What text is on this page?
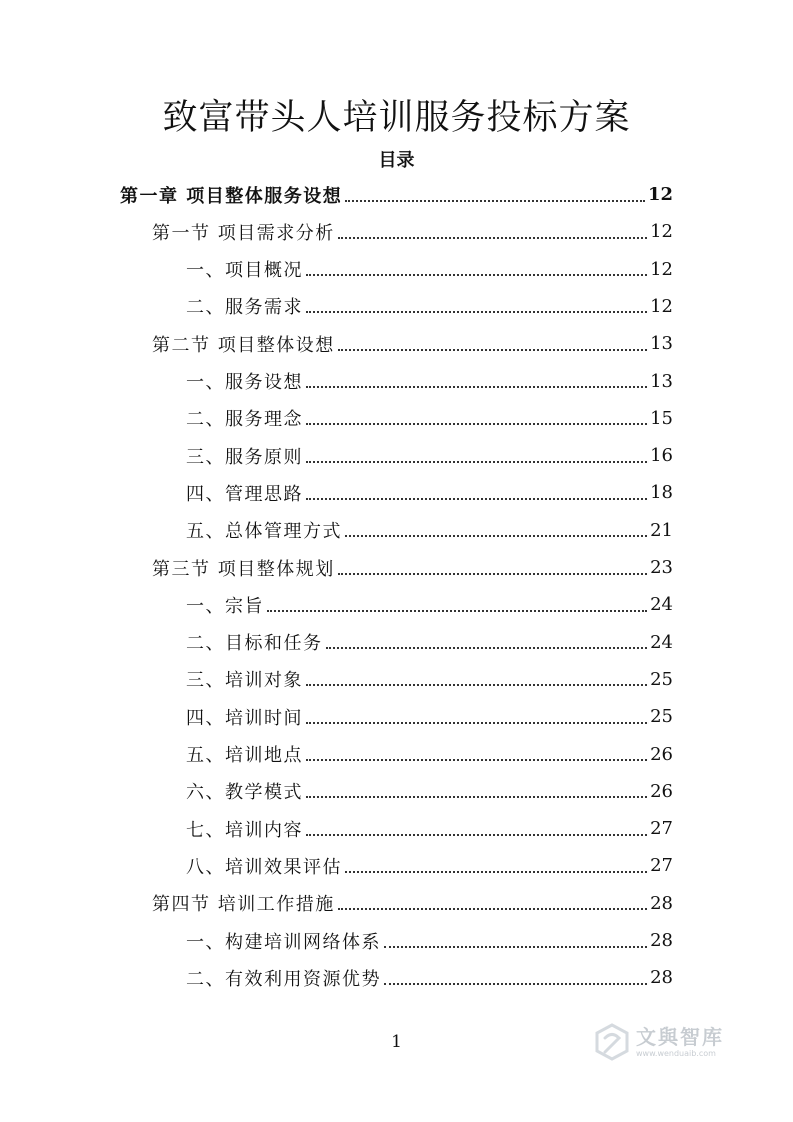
致富带头人培训服务投标方案
目录
第一章 项目整体服务设想	12
第一节 项目需求分析	12
一、项目概况	12
二、服务需求	12
第二节 项目整体设想	13
一、服务设想	13
二、服务理念	15
三、服务原则	16
四、管理思路	18
五、总体管理方式	21
第三节 项目整体规划	23
一、宗旨	24
二、目标和任务	24
三、培训对象	25
四、培训时间	25
五、培训地点	26
六、教学模式	26
七、培训内容	27
八、培训效果评估	27
第四节 培训工作措施	28
一、构建培训网络体系	28
二、有效利用资源优势	28
1	文與智库
www.wenduaib.com
